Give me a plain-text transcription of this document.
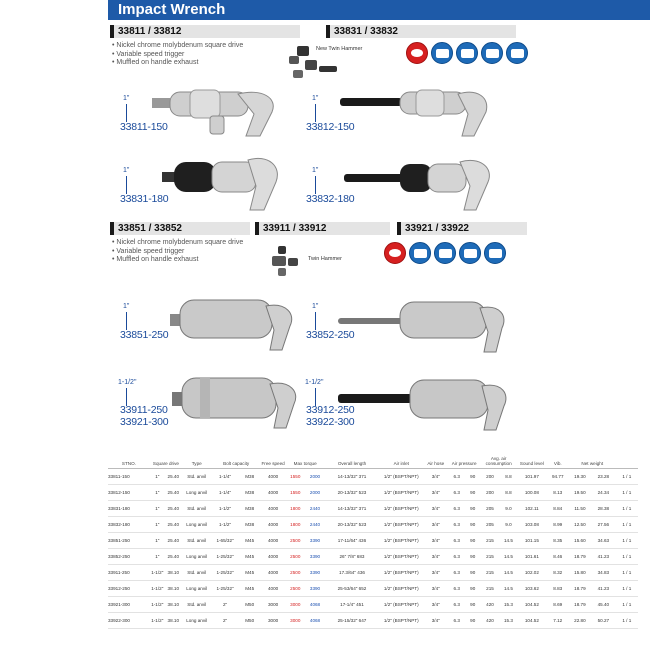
Impact Wrench
33811 / 33812	33831 / 33832
33851 / 33852	33911 / 33912	33921 / 33922
• Nickel chrome molybdenum square drive
• Variable speed trigger
• Muffled on handle exhaust
• Nickel chrome molybdenum square drive
• Variable speed trigger
• Muffled on handle exhaust
New Twin Hammer
Twin Hammer
1"	1"
1"	1"
1"	1"
1-1/2"	1-1/2"
33811-150	33812-150
33831-180	33832-180
33851-250	33852-250
33911-250
33921-300
33912-250
33922-300
STNO.	Square drive		Type	Bolt capacity		Free speed	Max torque		Overall length	Air inlet	Air hose	Air pressure		Avg. air consumption		Sound level	Vib.	Net weight		
33811-150	1"	25.40	Std. anvil	1-1/4"	M38	4000	1550	2000	14-13/32" 371	1/2" (BSPT/NPT)	3/4"	6.3	90	200	8.8	101.97	94.77	19.30	23.28	1 / 1
33812-150	1"	25.40	Long anvil	1-1/4"	M38	4000	1550	2000	20-13/32" 523	1/2" (BSPT/NPT)	3/4"	6.3	90	200	8.8	100.08	8.13	19.50	24.34	1 / 1
33831-180	1"	25.40	Std. anvil	1-1/2"	M38	4000	1800	2440	14-13/32" 371	1/2" (BSPT/NPT)	3/4"	6.3	90	205	9.0	102.11	8.84	11.50	28.38	1 / 1
33832-180	1"	25.40	Long anvil	1-1/2"	M38	4000	1800	2440	20-13/32" 523	1/2" (BSPT/NPT)	3/4"	6.3	90	205	9.0	103.08	8.99	12.50	27.56	1 / 1
33851-250	1"	25.40	Std. anvil	1-65/32"	M45	4000	2500	3390	17-11/64" 436	1/2" (BSPT/NPT)	3/4"	6.3	90	215	14.5	101.15	8.35	15.60	34.63	1 / 1
33852-250	1"	25.40	Long anvil	1-25/32"	M45	4000	2500	3390	26" 7/8" 683	1/2" (BSPT/NPT)	3/4"	6.3	90	215	14.5	101.61	8.46	18.79	41.23	1 / 1
33911-250	1-1/2"	38.10	Std. anvil	1-25/32"	M45	4000	2500	3390	17.3/64" 436	1/2" (BSPT/NPT)	3/4"	6.3	90	215	14.5	102.02	8.32	15.80	34.83	1 / 1
33912-250	1-1/2"	38.10	Long anvil	1-25/32"	M45	4000	2500	3390	25-53/64" 652	1/2" (BSPT/NPT)	3/4"	6.3	90	215	14.5	103.62	8.83	18.79	41.23	1 / 1
33921-300	1-1/2"	38.10	Std. anvil	2"	M50	3000	3000	4068	17-1/4" 451	1/2" (BSPT/NPT)	3/4"	6.3	90	420	15.3	104.52	8.69	18.79	45.40	1 / 1
33922-300	1-1/2"	38.10	Long anvil	2"	M50	3000	3000	4068	25-15/32" 647	1/2" (BSPT/NPT)	3/4"	6.3	90	420	15.3	104.52	7.12	22.80	50.27	1 / 1
